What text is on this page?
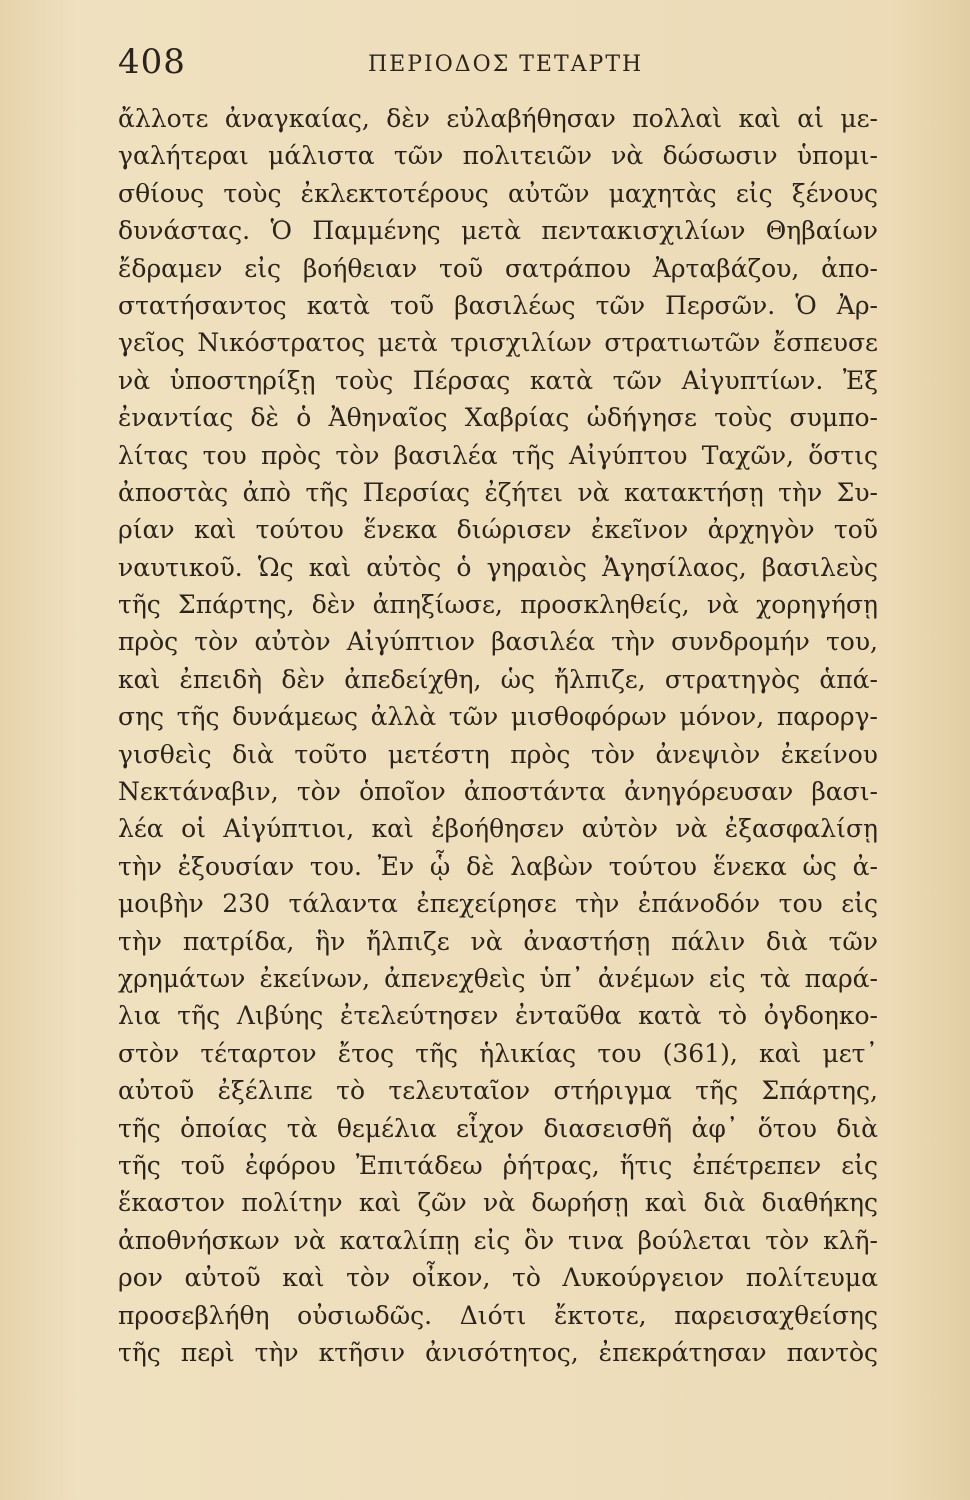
408	ΠΕΡΙΟΔΟΣ ΤΕΤΑΡΤΗ
ἄλλοτε ἀναγκαίας, δὲν εὐλαβήθησαν πολλαὶ καὶ αἱ με-
γαλήτεραι μάλιστα τῶν πολιτειῶν νὰ δώσωσιν ὑπομι-
σθίους τοὺς ἐκλεκτοτέρους αὐτῶν μαχητὰς εἰς ξένους
δυνάστας. Ὁ Παμμένης μετὰ πεντακισχιλίων Θηβαίων
ἔδραμεν εἰς βοήθειαν τοῦ σατράπου Ἀρταβάζου, ἀπο-
στατήσαντος κατὰ τοῦ βασιλέως τῶν Περσῶν. Ὁ Ἀρ-
γεῖος Νικόστρατος μετὰ τρισχιλίων στρατιωτῶν ἔσπευσε
νὰ ὑποστηρίξῃ τοὺς Πέρσας κατὰ τῶν Αἰγυπτίων. Ἐξ
ἐναντίας δὲ ὁ Ἀθηναῖος Χαβρίας ὡδήγησε τοὺς συμπο-
λίτας του πρὸς τὸν βασιλέα τῆς Αἰγύπτου Ταχῶν, ὅστις
ἀποστὰς ἀπὸ τῆς Περσίας ἐζήτει νὰ κατακτήσῃ τὴν Συ-
ρίαν καὶ τούτου ἕνεκα διώρισεν ἐκεῖνον ἀρχηγὸν τοῦ
ναυτικοῦ. Ὡς καὶ αὐτὸς ὁ γηραιὸς Ἀγησίλαος, βασιλεὺς
τῆς Σπάρτης, δὲν ἀπηξίωσε, προσκληθείς, νὰ χορηγήσῃ
πρὸς τὸν αὐτὸν Αἰγύπτιον βασιλέα τὴν συνδρομήν του,
καὶ ἐπειδὴ δὲν ἀπεδείχθη, ὡς ἤλπιζε, στρατηγὸς ἁπά-
σης τῆς δυνάμεως ἀλλὰ τῶν μισθοφόρων μόνον, παροργ-
γισθεὶς διὰ τοῦτο μετέστη πρὸς τὸν ἀνεψιὸν ἐκείνου
Νεκτάναβιν, τὸν ὁποῖον ἀποστάντα ἀνηγόρευσαν βασι-
λέα οἱ Αἰγύπτιοι, καὶ ἐβοήθησεν αὐτὸν νὰ ἐξασφαλίσῃ
τὴν ἐξουσίαν του. Ἐν ᾧ δὲ λαβὼν τούτου ἕνεκα ὡς ἀ-
μοιβὴν 230 τάλαντα ἐπεχείρησε τὴν ἐπάνοδόν του εἰς
τὴν πατρίδα, ἣν ἤλπιζε νὰ ἀναστήσῃ πάλιν διὰ τῶν
χρημάτων ἐκείνων, ἀπενεχθεὶς ὑπ᾽ ἀνέμων εἰς τὰ παρά-
λια τῆς Λιβύης ἐτελεύτησεν ἐνταῦθα κατὰ τὸ ὀγδοηκο-
στὸν τέταρτον ἔτος τῆς ἡλικίας του (361), καὶ μετ᾽
αὐτοῦ ἐξέλιπε τὸ τελευταῖον στήριγμα τῆς Σπάρτης,
τῆς ὁποίας τὰ θεμέλια εἶχον διασεισθῆ ἀφ᾽ ὅτου διὰ
τῆς τοῦ ἐφόρου Ἐπιτάδεω ῥήτρας, ἥτις ἐπέτρεπεν εἰς
ἕκαστον πολίτην καὶ ζῶν νὰ δωρήσῃ καὶ διὰ διαθήκης
ἀποθνήσκων νὰ καταλίπῃ εἰς ὃν τινα βούλεται τὸν κλῆ-
ρον αὐτοῦ καὶ τὸν οἶκον, τὸ Λυκούργειον πολίτευμα
προσεβλήθη οὐσιωδῶς. Διότι ἔκτοτε, παρεισαχθείσης
τῆς περὶ τὴν κτῆσιν ἀνισότητος, ἐπεκράτησαν παντὸς
